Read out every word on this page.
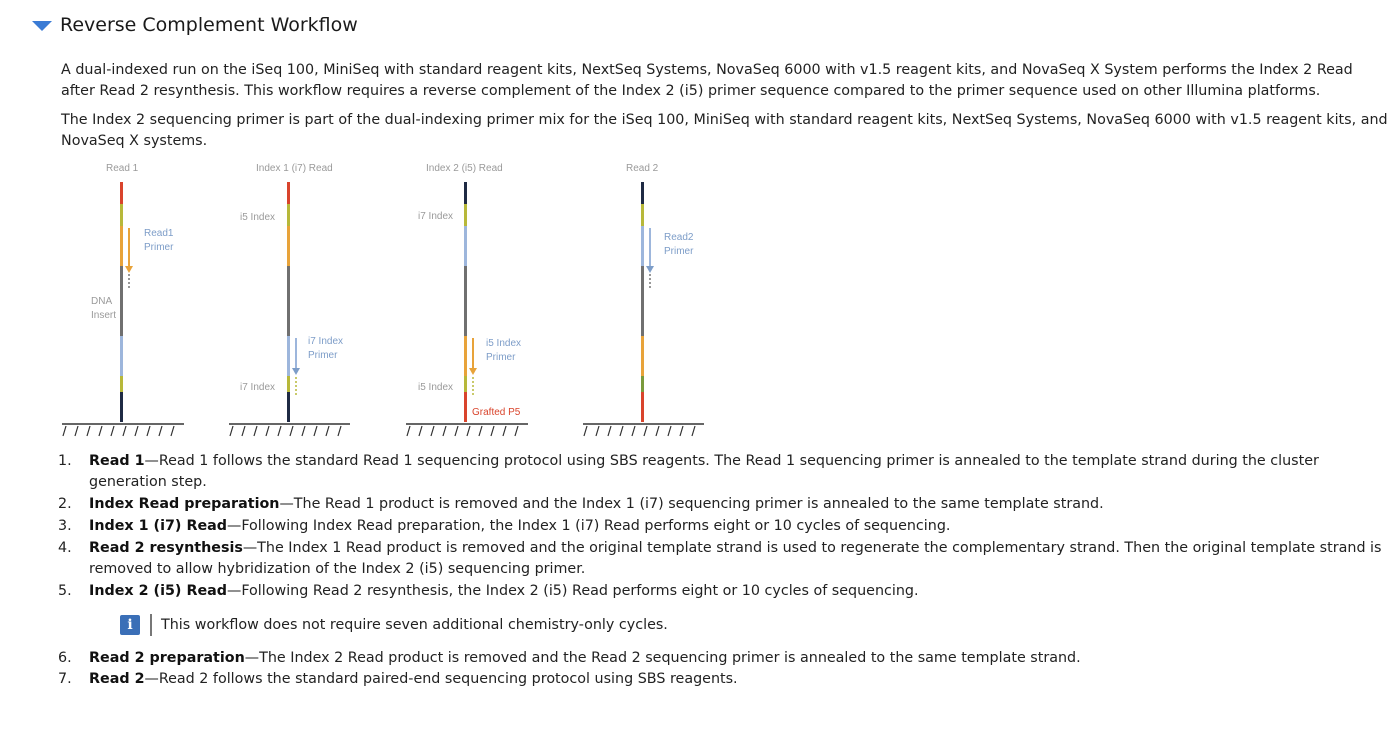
Reverse Complement Workflow

A dual-indexed run on the iSeq 100, MiniSeq with standard reagent kits, NextSeq Systems, NovaSeq 6000 with v1.5 reagent kits, and NovaSeq X System performs the Index 2 Read after Read 2 resynthesis. This workflow requires a reverse complement of the Index 2 (i5) primer sequence compared to the primer sequence used on other Illumina platforms.

The Index 2 sequencing primer is part of the dual-indexing primer mix for the iSeq 100, MiniSeq with standard reagent kits, NextSeq Systems, NovaSeq 6000 with v1.5 reagent kits, and NovaSeq X systems.

Read 1
Read1
Primer
DNA
Insert
Index 1 (i7) Read
i5 Index
i7 Index
Primer
i7 Index
Index 2 (i5) Read
i7 Index
i5 Index
Primer
i5 Index
Grafted P5
Read 2
Read2
Primer
1. Read 1—Read 1 follows the standard Read 1 sequencing protocol using SBS reagents. The Read 1 sequencing primer is annealed to the template strand during the cluster generation step.
2. Index Read preparation—The Read 1 product is removed and the Index 1 (i7) sequencing primer is annealed to the same template strand.
3. Index 1 (i7) Read—Following Index Read preparation, the Index 1 (i7) Read performs eight or 10 cycles of sequencing.
4. Read 2 resynthesis—The Index 1 Read product is removed and the original template strand is used to regenerate the complementary strand. Then the original template strand is removed to allow hybridization of the Index 2 (i5) sequencing primer.
5. Index 2 (i5) Read—Following Read 2 resynthesis, the Index 2 (i5) Read performs eight or 10 cycles of sequencing.
i	This workflow does not require seven additional chemistry-only cycles.
6. Read 2 preparation—The Index 2 Read product is removed and the Read 2 sequencing primer is annealed to the same template strand.
7. Read 2—Read 2 follows the standard paired-end sequencing protocol using SBS reagents.
